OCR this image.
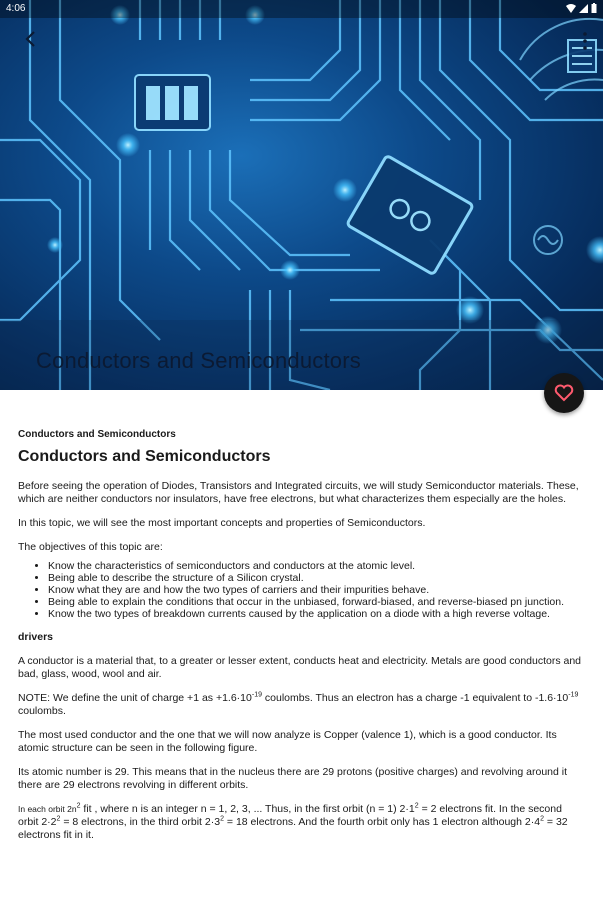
4:06
Conductors and Semiconductors
Conductors and Semiconductors
Conductors and Semiconductors

Before seeing the operation of Diodes, Transistors and Integrated circuits, we will study Semiconductor materials. These, which are neither conductors nor insulators, have free electrons, but what characterizes them especially are the holes.

In this topic, we will see the most important concepts and properties of Semiconductors.

The objectives of this topic are:

• Know the characteristics of semiconductors and conductors at the atomic level.
• Being able to describe the structure of a Silicon crystal.
• Know what they are and how the two types of carriers and their impurities behave.
• Being able to explain the conditions that occur in the unbiased, forward-biased, and reverse-biased pn junction.
• Know the two types of breakdown currents caused by the application on a diode with a high reverse voltage.
drivers

A conductor is a material that, to a greater or lesser extent, conducts heat and electricity. Metals are good conductors and bad, glass, wood, wool and air.

NOTE: We define the unit of charge +1 as $+1.6\cdot 10^{-19}$ coulombs. Thus an electron has a charge -1 equivalent to $-1.6\cdot 10^{-19}$ coulombs.

The most used conductor and the one that we will now analyze is Copper (valence 1), which is a good conductor. Its atomic structure can be seen in the following figure.

Its atomic number is 29. This means that in the nucleus there are 29 protons (positive charges) and revolving around it there are 29 electrons revolving in different orbits.

In each orbit $2n^2$ fit , where n is an integer n = 1, 2, 3, ... Thus, in the first orbit (n = 1) $2\cdot 1^2 = 2$ electrons fit. In the second orbit $2\cdot 2^2 = 8$ electrons, in the third orbit $2\cdot 3^2 = 18$ electrons. And the fourth orbit only has 1 electron although $2\cdot 4^2 = 32$ electrons fit in it.
